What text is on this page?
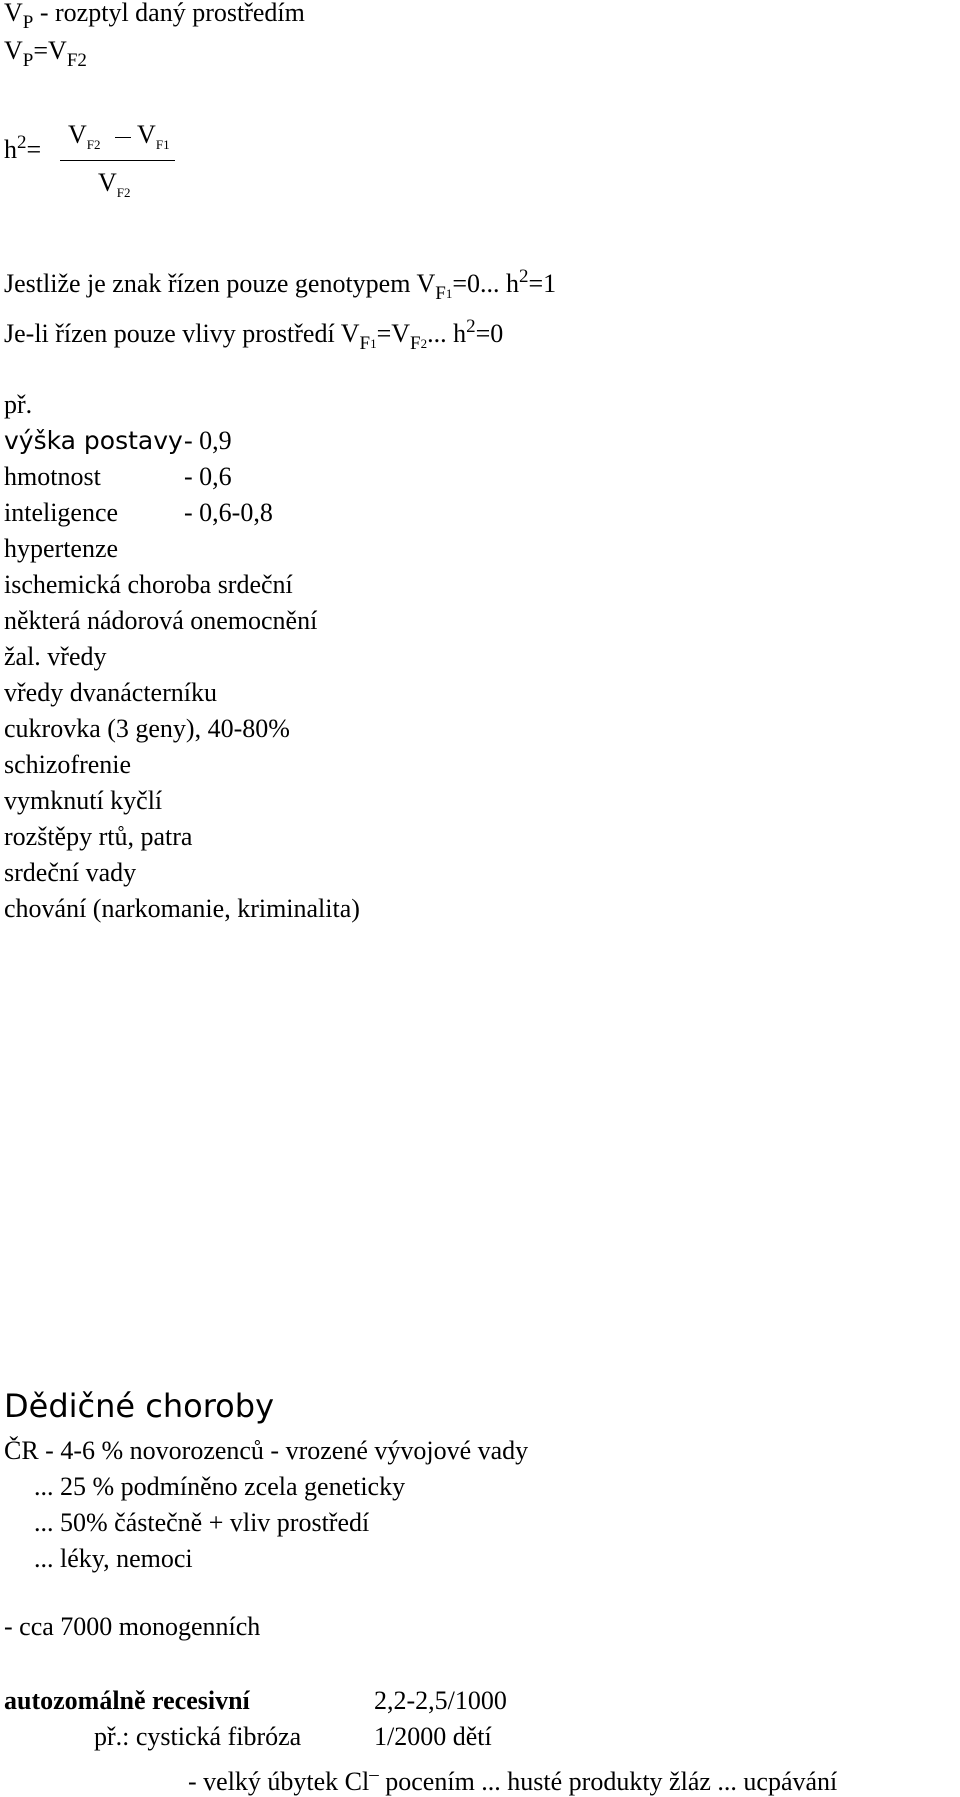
$V_P$ - rozptyl daný prostředím
$V_P=V_{F2}$
$h^2=$
$V_{F2}$  $V_{F1}$
$V_{F2}$
Jestliže je znak řízen pouze genotypem $V_{F1}=0$... $h^2=1$
Je-li řízen pouze vlivy prostředí $V_{F1}=V_{F2}$... $h^2=0$
př.
výška postavy - 0,9
hmotnost	- 0,6
inteligence	- 0,6-0,8
hypertenze
ischemická choroba srdeční
některá nádorová onemocnění
žal. vředy
vředy dvanácterníku
cukrovka (3 geny), 40-80%
schizofrenie
vymknutí kyčlí
rozštěpy rtů, patra
srdeční vady
chování (narkomanie, kriminalita)
Dědičné choroby
ČR - 4-6 % novorozenců - vrozené vývojové vady
... 25 % podmíněno zcela geneticky
... 50% částečně + vliv prostředí
... léky, nemoci
- cca 7000 monogenních
autozomálně recesivní	2,2-2,5/1000
př.: cystická fibróza	1/2000 dětí
- velký úbytek Cl– pocením ... husté produkty žláz ... ucpávání
